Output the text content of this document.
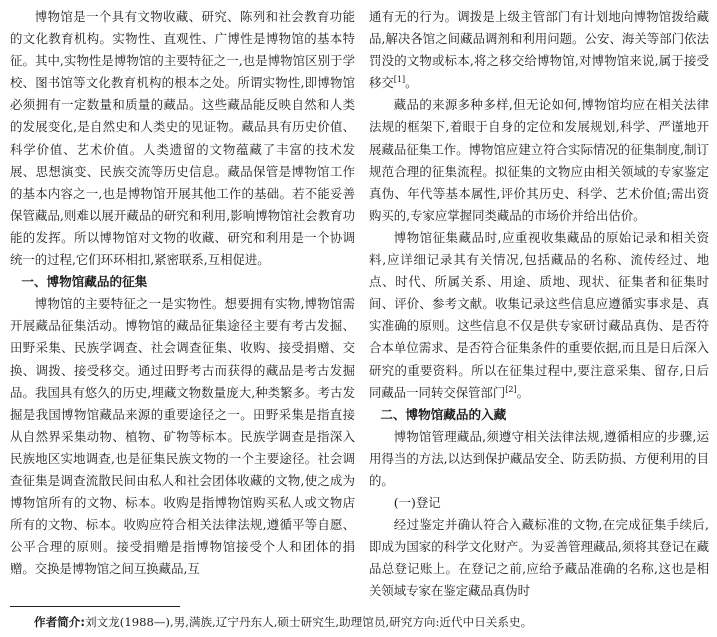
博物馆是一个具有文物收藏、研究、陈列和社会教育功能的文化教育机构。实物性、直观性、广博性是博物馆的基本特征。其中,实物性是博物馆的主要特征之一,也是博物馆区别于学校、图书馆等文化教育机构的根本之处。所谓实物性,即博物馆必须拥有一定数量和质量的藏品。这些藏品能反映自然和人类的发展变化,是自然史和人类史的见证物。藏品具有历史价值、科学价值、艺术价值。人类遗留的文物蕴藏了丰富的技术发展、思想演变、民族交流等历史信息。藏品保管是博物馆工作的基本内容之一,也是博物馆开展其他工作的基础。若不能妥善保管藏品,则难以展开藏品的研究和利用,影响博物馆社会教育功能的发挥。所以博物馆对文物的收藏、研究和利用是一个协调统一的过程,它们环环相扣,紧密联系,互相促进。

一、博物馆藏品的征集

博物馆的主要特征之一是实物性。想要拥有实物,博物馆需开展藏品征集活动。博物馆的藏品征集途径主要有考古发掘、田野采集、民族学调查、社会调查征集、收购、接受捐赠、交换、调拨、接受移交。通过田野考古而获得的藏品是考古发掘品。我国具有悠久的历史,埋藏文物数量庞大,种类繁多。考古发掘是我国博物馆藏品来源的重要途径之一。田野采集是指直接从自然界采集动物、植物、矿物等标本。民族学调查是指深入民族地区实地调查,也是征集民族文物的一个主要途径。社会调查征集是调查流散民间由私人和社会团体收藏的文物,使之成为博物馆所有的文物、标本。收购是指博物馆购买私人或文物店所有的文物、标本。收购应符合相关法律法规,遵循平等自愿、公平合理的原则。接受捐赠是指博物馆接受个人和团体的捐赠。交换是博物馆之间互换藏品,互

通有无的行为。调拨是上级主管部门有计划地向博物馆拨给藏品,解决各馆之间藏品调剂和利用问题。公安、海关等部门依法罚没的文物或标本,将之移交给博物馆,对博物馆来说,属于接受移交[1]。

藏品的来源多种多样,但无论如何,博物馆均应在相关法律法规的框架下,着眼于自身的定位和发展规划,科学、严谨地开展藏品征集工作。博物馆应建立符合实际情况的征集制度,制订规范合理的征集流程。拟征集的文物应由相关领域的专家鉴定真伪、年代等基本属性,评价其历史、科学、艺术价值;需出资购买的,专家应掌握同类藏品的市场价并给出估价。

博物馆征集藏品时,应重视收集藏品的原始记录和相关资料,应详细记录其有关情况,包括藏品的名称、流传经过、地点、时代、所属关系、用途、质地、现状、征集者和征集时间、评价、参考文献。收集记录这些信息应遵循实事求是、真实准确的原则。这些信息不仅是供专家研讨藏品真伪、是否符合本单位需求、是否符合征集条件的重要依据,而且是日后深入研究的重要资料。所以在征集过程中,要注意采集、留存,日后同藏品一同转交保管部门[2]。

二、博物馆藏品的入藏

博物馆管理藏品,须遵守相关法律法规,遵循相应的步骤,运用得当的方法,以达到保护藏品安全、防丢防损、方便利用的目的。

(一)登记

经过鉴定并确认符合入藏标准的文物,在完成征集手续后,即成为国家的科学文化财产。为妥善管理藏品,须将其登记在藏品总登记账上。在登记之前,应给予藏品准确的名称,这也是相关领域专家在鉴定藏品真伪时

作者简介:刘文龙(1988—),男,满族,辽宁丹东人,硕士研究生,助理馆员,研究方向:近代中日关系史。
